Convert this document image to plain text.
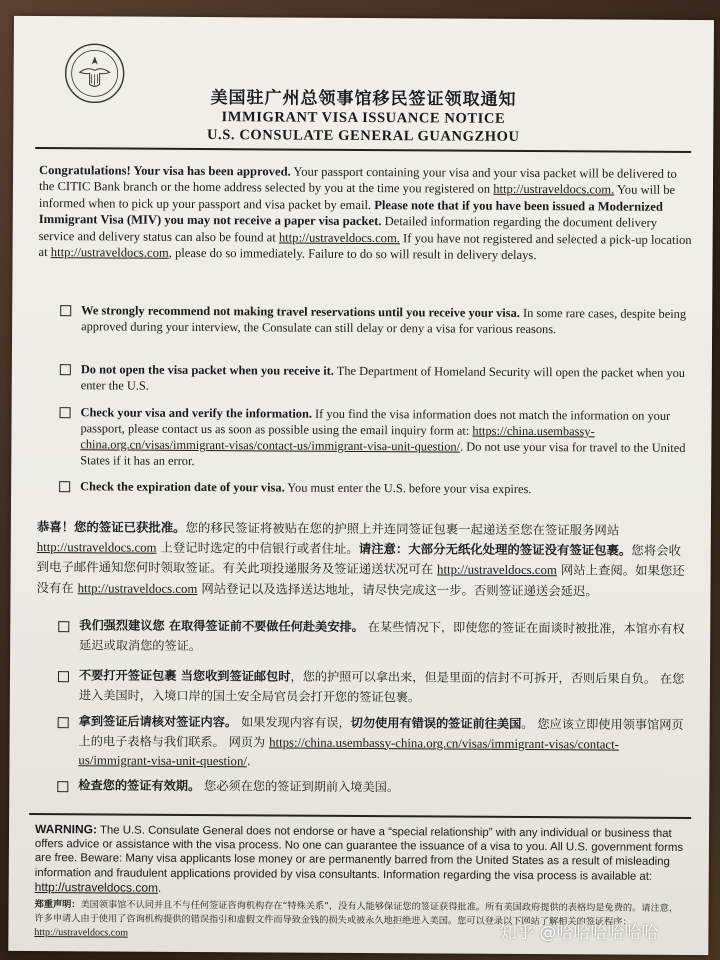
美国驻广州总领事馆移民签证领取通知
IMMIGRANT VISA ISSUANCE NOTICE
U.S. CONSULATE GENERAL GUANGZHOU
Congratulations! Your visa has been approved. Your passport containing your visa and your visa packet will be delivered to the CITIC Bank branch or the home address selected by you at the time you registered on http://ustraveldocs.com. You will be informed when to pick up your passport and visa packet by email. Please note that if you have been issued a Modernized Immigrant Visa (MIV) you may not receive a paper visa packet. Detailed information regarding the document delivery service and delivery status can also be found at http://ustraveldocs.com. If you have not registered and selected a pick-up location at http://ustraveldocs.com, please do so immediately. Failure to do so will result in delivery delays.
We strongly recommend not making travel reservations until you receive your visa. In some rare cases, despite being approved during your interview, the Consulate can still delay or deny a visa for various reasons.
Do not open the visa packet when you receive it. The Department of Homeland Security will open the packet when you enter the U.S.
Check your visa and verify the information. If you find the visa information does not match the information on your passport, please contact us as soon as possible using the email inquiry form at: https://china.usembassy-china.org.cn/visas/immigrant-visas/contact-us/immigrant-visa-unit-question/. Do not use your visa for travel to the United States if it has an error.
Check the expiration date of your visa. You must enter the U.S. before your visa expires.
恭喜！您的签证已获批准。您的移民签证将被贴在您的护照上并连同签证包裹一起递送至您在签证服务网站 http://ustraveldocs.com 上登记时选定的中信银行或者住址。请注意：大部分无纸化处理的签证没有签证包裹。您将会收到电子邮件通知您何时领取签证。有关此项投递服务及签证递送状况可在 http://ustraveldocs.com 网站上查阅。如果您还没有在 http://ustraveldocs.com 网站登记以及选择送达地址，请尽快完成这一步。否则签证递送会延迟。
我们强烈建议您 在取得签证前不要做任何赴美安排。 在某些情况下，即使您的签证在面谈时被批准，本馆亦有权延迟或取消您的签证。
不要打开签证包裹 当您收到签证邮包时，您的护照可以拿出来，但是里面的信封不可拆开，否则后果自负。 在您进入美国时，入境口岸的国土安全局官员会打开您的签证包裹。
拿到签证后请核对签证内容。 如果发现内容有误，切勿使用有错误的签证前往美国。 您应该立即使用领事馆网页上的电子表格与我们联系。 网页为 https://china.usembassy-china.org.cn/visas/immigrant-visas/contact-us/immigrant-visa-unit-question/.
检查您的签证有效期。 您必须在您的签证到期前入境美国。
WARNING: The U.S. Consulate General does not endorse or have a “special relationship” with any individual or business that offers advice or assistance with the visa process. No one can guarantee the issuance of a visa to you. All U.S. government forms are free. Beware: Many visa applicants lose money or are permanently barred from the United States as a result of misleading information and fraudulent applications provided by visa consultants. Information regarding the visa process is available at: http://ustraveldocs.com.
郑重声明：美国领事馆不认同并且不与任何签证咨询机构存在“特殊关系”，没有人能够保证您的签证获得批准。所有美国政府提供的表格均是免费的。请注意，许多申请人由于使用了咨询机构提供的错误指引和虚假文件而导致金钱的损失或被永久地拒绝进入美国。您可以登录以下网站了解相关的签证程序：http://ustraveldocs.com	知乎 @哈哈哈哈哈哈
